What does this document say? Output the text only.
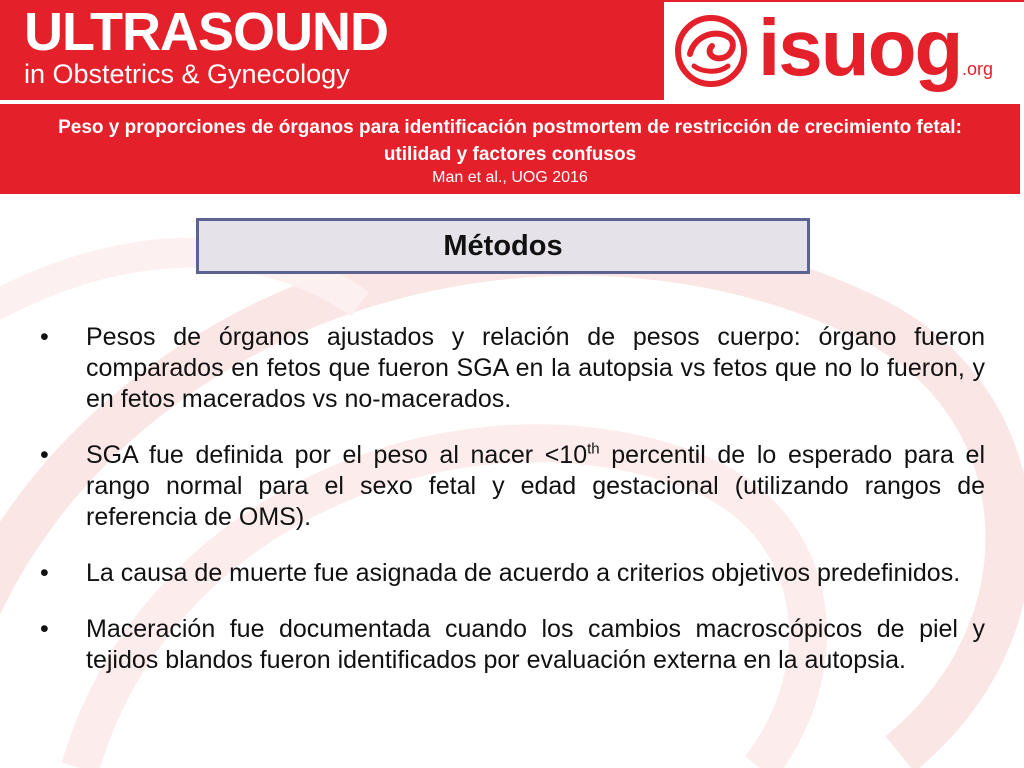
ULTRASOUND
in Obstetrics & Gynecology	isuog .org
Peso y proporciones de órganos para identificación postmortem de restricción de crecimiento fetal: utilidad y factores confusos
Man et al., UOG 2016
Métodos
• Pesos de órganos ajustados y relación de pesos cuerpo: órgano fueron comparados en fetos que fueron SGA en la autopsia vs fetos que no lo fueron, y en fetos macerados vs no-macerados.
• SGA fue definida por el peso al nacer <10th percentil de lo esperado para el rango normal para el sexo fetal y edad gestacional (utilizando rangos de referencia de OMS).
• La causa de muerte fue asignada de acuerdo a criterios objetivos predefinidos.
• Maceración fue documentada cuando los cambios macroscópicos de piel y tejidos blandos fueron identificados por evaluación externa en la autopsia.
